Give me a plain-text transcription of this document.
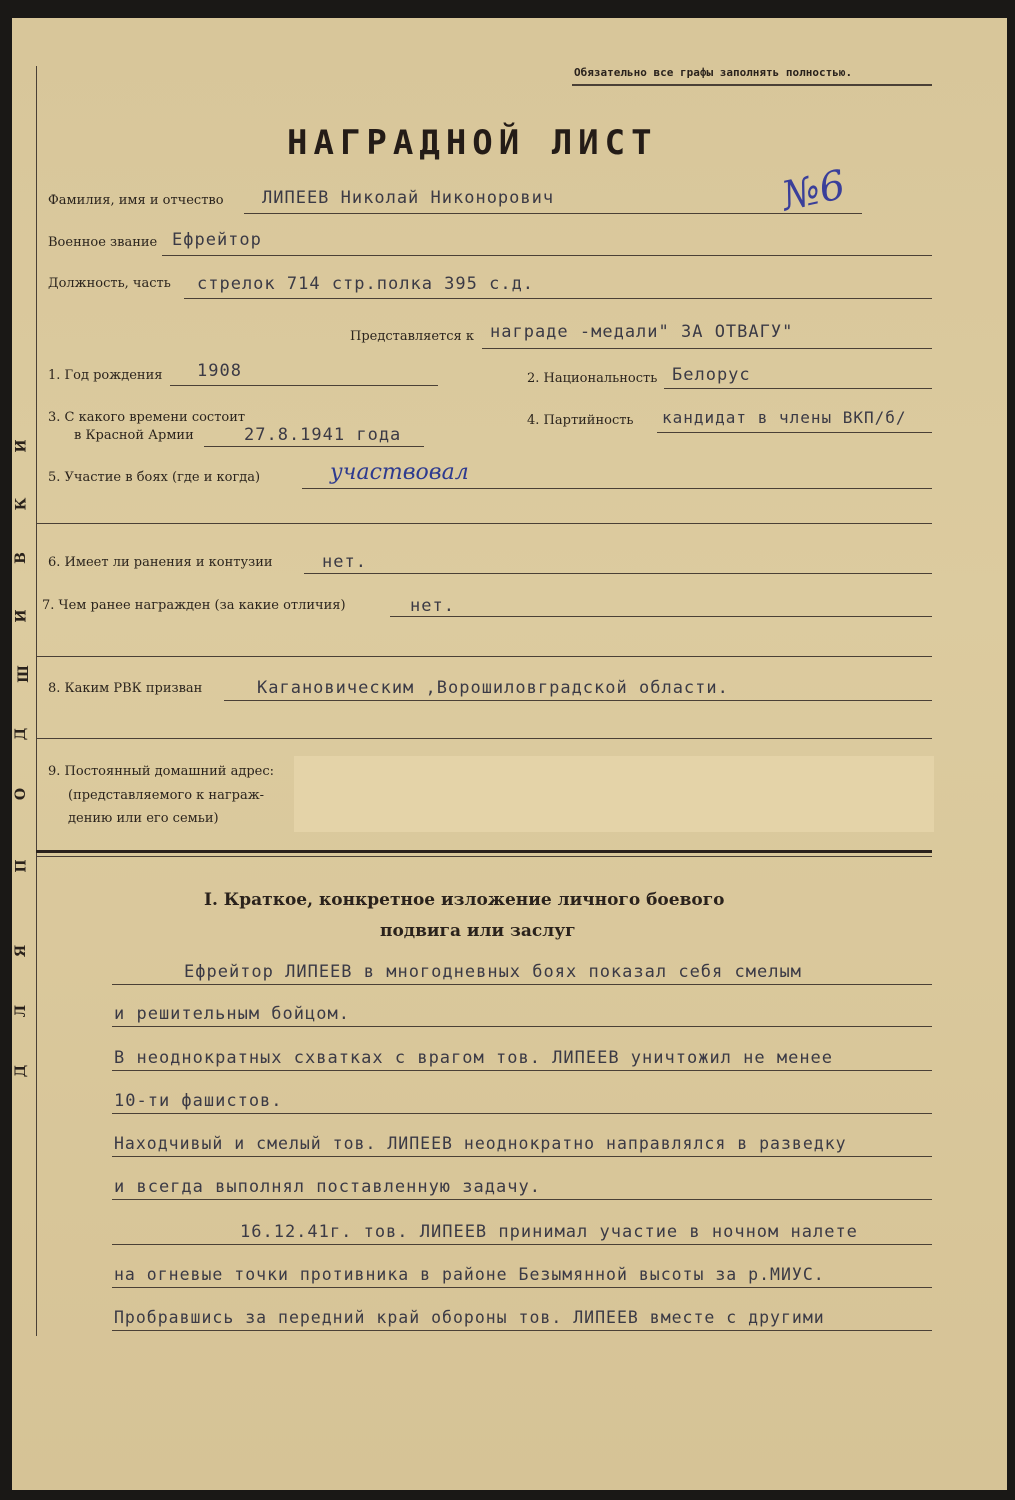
И
К
В
И
Ш
Д
О
П
Я
Л
Д
Обязательно все графы заполнять полностью.
НАГРАДНОЙ ЛИСТ
№6
Фамилия, имя и отчество ЛИПЕЕВ Николай Никонорович
Военное звание Ефрейтор
Должность, часть стрелок 714 стр.полка 395 с.д.
Представляется к награде -медали" ЗА ОТВАГУ"
1. Год рождения 1908	2. Национальность Белорус
3. С какого времени состоит
в Красной Армии	27.8.1941 года
4. Партийность кандидат в члены ВКП/б/
5. Участие в боях (где и когда)	участвовал
6. Имеет ли ранения и контузии	нет.
7. Чем ранее награжден (за какие отличия)	нет.
8. Каким РВК призван	Кагановическим ,Ворошиловградской области.
9. Постоянный домашний адрес:
(представляемого к награж-
дению или его семьи)
I. Краткое, конкретное изложение личного боевого
подвига или заслуг
Ефрейтор ЛИПЕЕВ в многодневных боях показал себя смелым
и решительным бойцом.
В неоднократных схватках с врагом тов. ЛИПЕЕВ уничтожил не менее
10-ти фашистов.
Находчивый и смелый тов. ЛИПЕЕВ неоднократно направлялся в разведку
и всегда выполнял поставленную задачу.
16.12.41г. тов. ЛИПЕЕВ принимал участие в ночном налете
на огневые точки противника в районе Безымянной высоты за р.МИУС.
Пробравшись за передний край обороны тов. ЛИПЕЕВ вместе с другими
